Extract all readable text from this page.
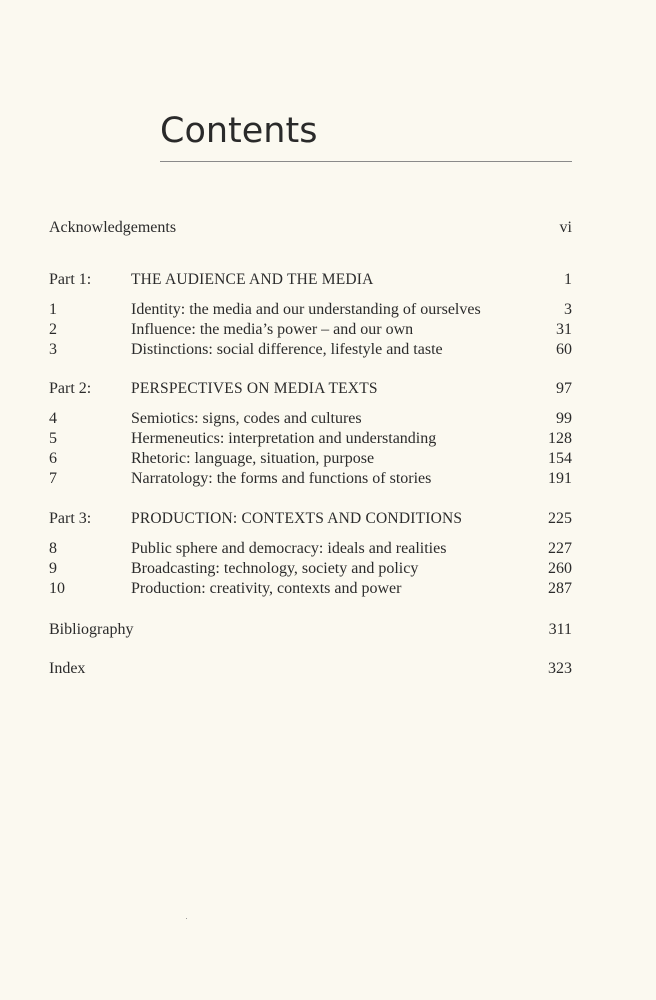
Contents
Acknowledgements	vi
Part 1:	THE AUDIENCE AND THE MEDIA	1
1	Identity: the media and our understanding of ourselves	3
2	Influence: the media’s power – and our own	31
3	Distinctions: social difference, lifestyle and taste	60
Part 2:	PERSPECTIVES ON MEDIA TEXTS	97
4	Semiotics: signs, codes and cultures	99
5	Hermeneutics: interpretation and understanding	128
6	Rhetoric: language, situation, purpose	154
7	Narratology: the forms and functions of stories	191
Part 3:	PRODUCTION: CONTEXTS AND CONDITIONS	225
8	Public sphere and democracy: ideals and realities	227
9	Broadcasting: technology, society and policy	260
10	Production: creativity, contexts and power	287
Bibliography	311
Index	323
